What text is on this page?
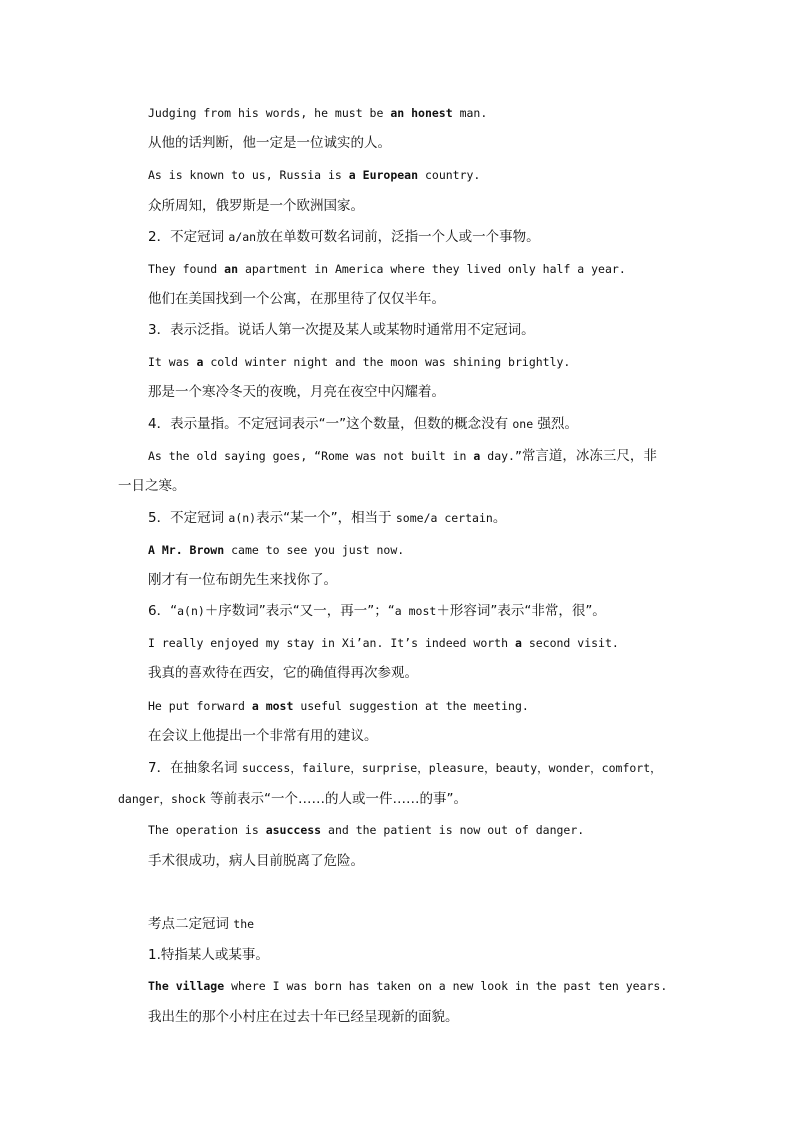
Judging from his words, he must be an honest man.
从他的话判断，他一定是一位诚实的人。
As is known to us, Russia is a European country.
众所周知，俄罗斯是一个欧洲国家。
2．不定冠词 a/an放在单数可数名词前，泛指一个人或一个事物。
They found an apartment in America where they lived only half a year.
他们在美国找到一个公寓，在那里待了仅仅半年。
3．表示泛指。说话人第一次提及某人或某物时通常用不定冠词。
It was a cold winter night and the moon was shining brightly.
那是一个寒冷冬天的夜晚，月亮在夜空中闪耀着。
4．表示量指。不定冠词表示“一”这个数量，但数的概念没有 one 强烈。
As the old saying goes, “Rome was not built in a day.”常言道，冰冻三尺，非
一日之寒。
5．不定冠词 a(n)表示“某一个”，相当于 some/a certain。
A Mr. Brown came to see you just now.
刚才有一位布朗先生来找你了。
6．“a(n)＋序数词”表示“又一，再一”；“a most＋形容词”表示“非常，很”。
I really enjoyed my stay in Xi’an. It’s indeed worth a second visit.
我真的喜欢待在西安，它的确值得再次参观。
He put forward a most useful suggestion at the meeting.
在会议上他提出一个非常有用的建议。
7．在抽象名词 success，failure，surprise，pleasure，beauty，wonder，comfort，
danger，shock 等前表示“一个……的人或一件……的事”。
The operation is asuccess and the patient is now out of danger.
手术很成功，病人目前脱离了危险。
考点二定冠词 the
1.特指某人或某事。
The village where I was born has taken on a new look in the past ten years.
我出生的那个小村庄在过去十年已经呈现新的面貌。
